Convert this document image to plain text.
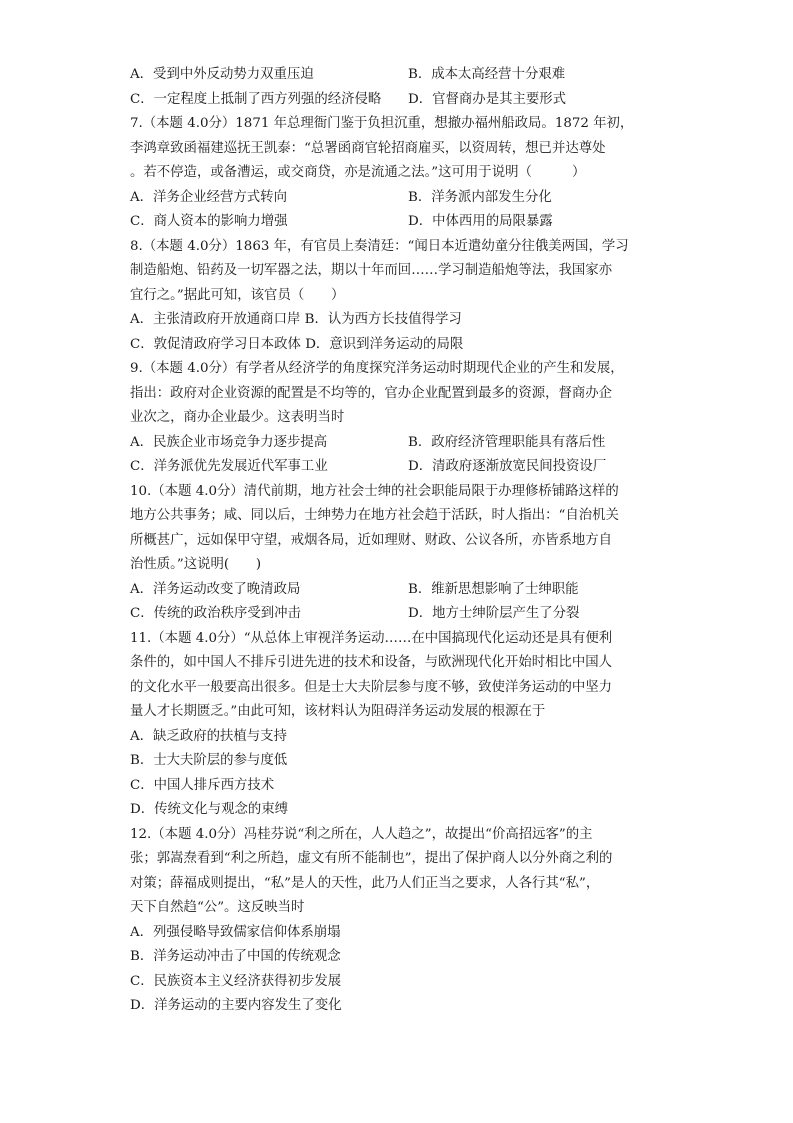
A．受到中外反动势力双重压迫	B．成本太高经营十分艰难
C．一定程度上抵制了西方列强的经济侵略	D．官督商办是其主要形式
7.（本题 4.0分）1871 年总理衙门鉴于负担沉重，想撤办福州船政局。1872 年初，
李鸿章致函福建巡抚王凯泰：“总署函商官轮招商雇买，以资周转，想已并达尊处
。若不停造，或备漕运，或交商贷，亦是流通之法。”这可用于说明（　　　）
A．洋务企业经营方式转向	B．洋务派内部发生分化
C．商人资本的影响力增强	D．中体西用的局限暴露
8.（本题 4.0分）1863 年，有官员上奏清廷：“闻日本近遣幼童分往俄美两国，学习
制造船炮、铅药及一切军器之法，期以十年而回……学习制造船炮等法，我国家亦
宜行之。”据此可知，该官员（　　）
A．主张清政府开放通商口岸 B．认为西方长技值得学习
C．敦促清政府学习日本政体 D．意识到洋务运动的局限
9.（本题 4.0分）有学者从经济学的角度探究洋务运动时期现代企业的产生和发展，
指出：政府对企业资源的配置是不均等的，官办企业配置到最多的资源，督商办企
业次之，商办企业最少。这表明当时
A．民族企业市场竞争力逐步提高	B．政府经济管理职能具有落后性
C．洋务派优先发展近代军事工业	D．清政府逐渐放宽民间投资设厂
10.（本题 4.0分）清代前期，地方社会士绅的社会职能局限于办理修桥铺路这样的
地方公共事务；咸、同以后，士绅势力在地方社会趋于活跃，时人指出：“自治机关
所概甚广，远如保甲守望，戒烟各局，近如理财、财政、公议各所，亦皆系地方自
治性质。”这说明(　　)
A．洋务运动改变了晚清政局	B．维新思想影响了士绅职能
C．传统的政治秩序受到冲击	D．地方士绅阶层产生了分裂
11.（本题 4.0分）“从总体上审视洋务运动……在中国搞现代化运动还是具有便利
条件的，如中国人不排斥引进先进的技术和设备，与欧洲现代化开始时相比中国人
的文化水平一般要高出很多。但是士大夫阶层参与度不够，致使洋务运动的中坚力
量人才长期匮乏。”由此可知，该材料认为阻碍洋务运动发展的根源在于
A．缺乏政府的扶植与支持
B．士大夫阶层的参与度低
C．中国人排斥西方技术
D．传统文化与观念的束缚
12.（本题 4.0分）冯桂芬说“利之所在，人人趋之”，故提出“价高招远客”的主
张；郭嵩焘看到“利之所趋，虚文有所不能制也”，提出了保护商人以分外商之利的
对策；薛福成则提出，“私”是人的天性，此乃人们正当之要求，人各行其“私”，
天下自然趋“公”。这反映当时
A．列强侵略导致儒家信仰体系崩塌
B．洋务运动冲击了中国的传统观念
C．民族资本主义经济获得初步发展
D．洋务运动的主要内容发生了变化
